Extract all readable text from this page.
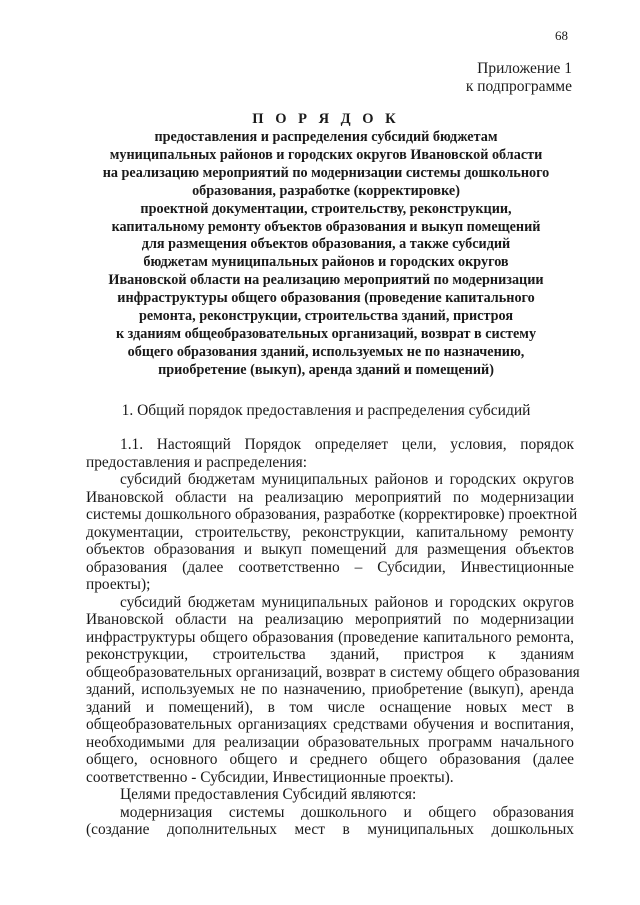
68
Приложение 1
к подпрограмме
П О Р Я Д О К
предоставления и распределения субсидий бюджетам
муниципальных районов и городских округов Ивановской области
на реализацию мероприятий по модернизации системы дошкольного
образования, разработке (корректировке)
проектной документации, строительству, реконструкции,
капитальному ремонту объектов образования и выкуп помещений
для размещения объектов образования, а также субсидий
бюджетам муниципальных районов и городских округов
Ивановской области на реализацию мероприятий по модернизации
инфраструктуры общего образования (проведение капитального
ремонта, реконструкции, строительства зданий, пристроя
к зданиям общеобразовательных организаций, возврат в систему
общего образования зданий, используемых не по назначению,
приобретение (выкуп), аренда зданий и помещений)
1. Общий порядок предоставления и распределения субсидий
1.1. Настоящий Порядок определяет цели, условия, порядок
предоставления и распределения:
субсидий бюджетам муниципальных районов и городских округов
Ивановской области на реализацию мероприятий по модернизации
системы дошкольного образования, разработке (корректировке) проектной
документации, строительству, реконструкции, капитальному ремонту
объектов образования и выкуп помещений для размещения объектов
образования (далее соответственно – Субсидии, Инвестиционные
проекты);
субсидий бюджетам муниципальных районов и городских округов
Ивановской области на реализацию мероприятий по модернизации
инфраструктуры общего образования (проведение капитального ремонта,
реконструкции, строительства зданий, пристроя к зданиям
общеобразовательных организаций, возврат в систему общего образования
зданий, используемых не по назначению, приобретение (выкуп), аренда
зданий и помещений), в том числе оснащение новых мест в
общеобразовательных организациях средствами обучения и воспитания,
необходимыми для реализации образовательных программ начального
общего, основного общего и среднего общего образования (далее
соответственно - Субсидии, Инвестиционные проекты).
Целями предоставления Субсидий являются:
модернизация системы дошкольного и общего образования
(создание дополнительных мест в муниципальных дошкольных
